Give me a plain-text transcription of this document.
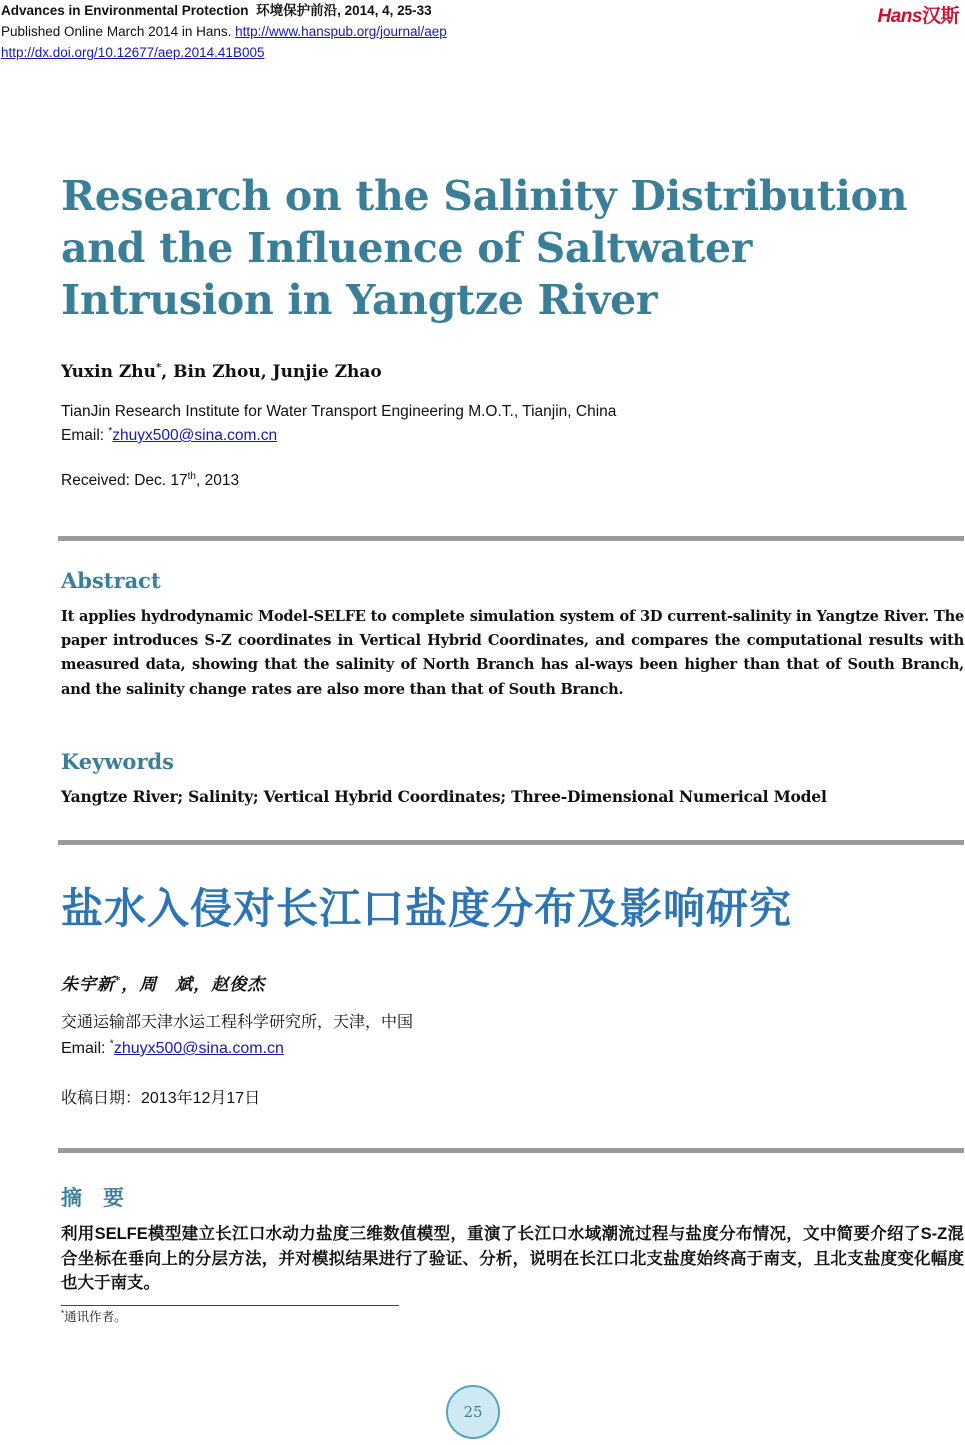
Advances in Environmental Protection 环境保护前沿, 2014, 4, 25-33
Published Online March 2014 in Hans. http://www.hanspub.org/journal/aep
http://dx.doi.org/10.12677/aep.2014.41B005
Hans汉斯
Research on the Salinity Distribution and the Influence of Saltwater Intrusion in Yangtze River
Yuxin Zhu*, Bin Zhou, Junjie Zhao
TianJin Research Institute for Water Transport Engineering M.O.T., Tianjin, China
Email: *zhuyx500@sina.com.cn
Received: Dec. 17th, 2013
Abstract

It applies hydrodynamic Model-SELFE to complete simulation system of 3D current-salinity in Yangtze River. The paper introduces S-Z coordinates in Vertical Hybrid Coordinates, and compares the computational results with measured data, showing that the salinity of North Branch has al-ways been higher than that of South Branch, and the salinity change rates are also more than that of South Branch.

Keywords
Yangtze River; Salinity; Vertical Hybrid Coordinates; Three-Dimensional Numerical Model
盐水入侵对长江口盐度分布及影响研究
朱宇新*，周　斌，赵俊杰
交通运输部天津水运工程科学研究所，天津，中国
Email: *zhuyx500@sina.com.cn
收稿日期：2013年12月17日
摘　要

利用SELFE模型建立长江口水动力盐度三维数值模型，重演了长江口水域潮流过程与盐度分布情况，文中简要介绍了S-Z混合坐标在垂向上的分层方法，并对模拟结果进行了验证、分析，说明在长江口北支盐度始终高于南支，且北支盐度变化幅度也大于南支。

*通讯作者。
25
